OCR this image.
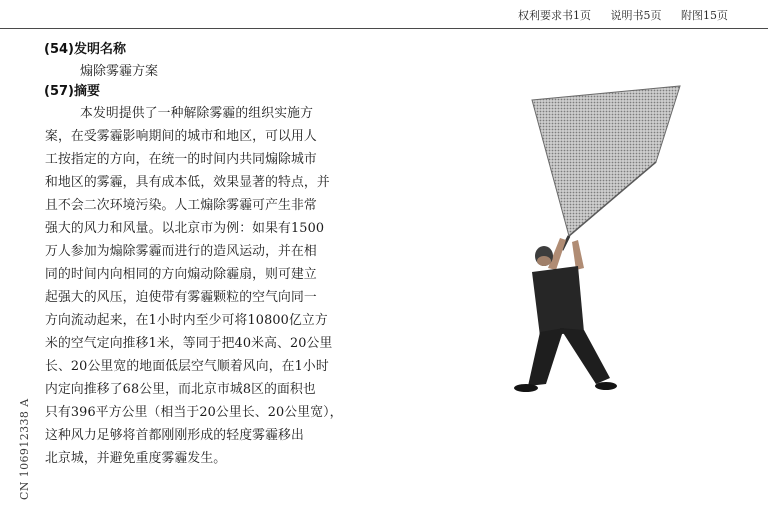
权利要求书1页 说明书5页 附图15页
(54)发明名称
煽除雾霾方案
(57)摘要
本发明提供了一种解除雾霾的组织实施方
案，在受雾霾影响期间的城市和地区，可以用人
工按指定的方向，在统一的时间内共同煽除城市
和地区的雾霾，具有成本低，效果显著的特点，并
且不会二次环境污染。人工煽除雾霾可产生非常
强大的风力和风量。以北京市为例：如果有1500
万人参加为煽除雾霾而进行的造风运动，并在相
同的时间内向相同的方向煽动除霾扇，则可建立
起强大的风压，迫使带有雾霾颗粒的空气向同一
方向流动起来，在1小时内至少可将10800亿立方
米的空气定向推移1米，等同于把40米高、20公里
长、20公里宽的地面低层空气顺着风向，在1小时
内定向推移了68公里，而北京市城8区的面积也
只有396平方公里（相当于20公里长、20公里宽），
这种风力足够将首都刚刚形成的轻度雾霾移出
北京城，并避免重度雾霾发生。
CN 106912338 A
